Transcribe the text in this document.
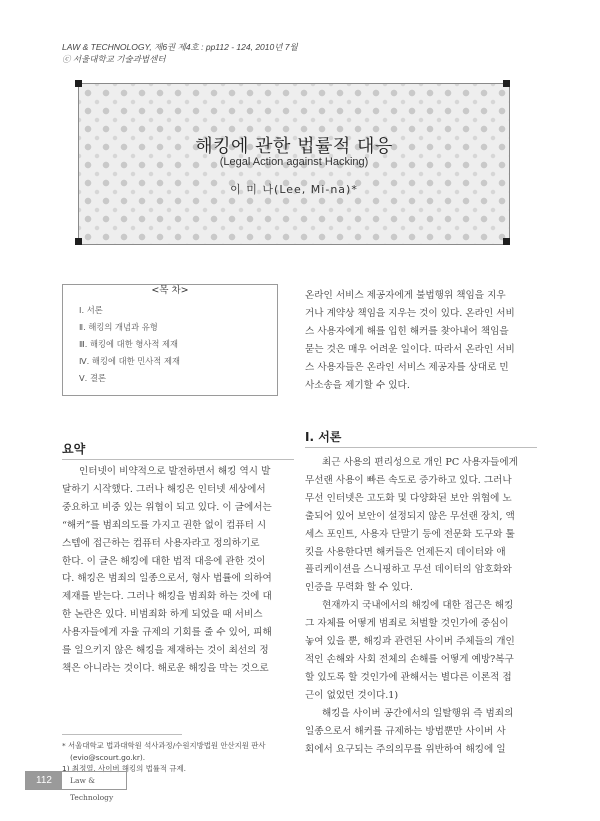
LAW & TECHNOLOGY, 제6권 제4호 : pp112 - 124, 2010년 7월
ⓒ 서울대학교 기술과법센터
해킹에 관한 법률적 대응
(Legal Action against Hacking)
이 미 나(Lee, Mi-na)*
<목 차>
Ⅰ. 서론
Ⅱ. 해킹의 개념과 유형
Ⅲ. 해킹에 대한 형사적 제재
Ⅳ. 해킹에 대한 민사적 제재
Ⅴ. 결론
요약
인터넷이 비약적으로 발전하면서 해킹 역시 발
달하기 시작했다. 그러나 해킹은 인터넷 세상에서
중요하고 비중 있는 위협이 되고 있다. 이 글에서는
“해커”를 범죄의도를 가지고 권한 없이 컴퓨터 시
스템에 접근하는 컴퓨터 사용자라고 정의하기로
한다. 이 글은 해킹에 대한 법적 대응에 관한 것이
다. 해킹은 범죄의 일종으로서, 형사 법률에 의하여
제재를 받는다. 그러나 해킹을 범죄화 하는 것에 대
한 논란은 있다. 비범죄화 하게 되었을 때 서비스
사용자들에게 자율 규제의 기회를 줄 수 있어, 피해
를 일으키지 않은 해킹을 제재하는 것이 최선의 정
책은 아니라는 것이다. 해로운 해킹을 막는 것으로
* 서울대학교 법과대학원 석사과정/수원지방법원 안산지원 판사
(evio@scourt.go.kr).
1) 최정열, 사이버 해킹의 법률적 규제.
온라인 서비스 제공자에게 불법행위 책임을 지우
거나 계약상 책임을 지우는 것이 있다. 온라인 서비
스 사용자에게 해를 입힌 해커를 찾아내어 책임을
묻는 것은 매우 어려운 일이다. 따라서 온라인 서비
스 사용자들은 온라인 서비스 제공자를 상대로 민
사소송을 제기할 수 있다.
Ⅰ. 서론
최근 사용의 편리성으로 개인 PC 사용자들에게
무선랜 사용이 빠른 속도로 증가하고 있다. 그러나
무선 인터넷은 고도화 및 다양화된 보안 위협에 노
출되어 있어 보안이 설정되지 않은 무선랜 장치, 액
세스 포인트, 사용자 단말기 등에 전문화 도구와 툴
킷을 사용한다면 해커들은 언제든지 데이터와 애
플리케이션을 스니핑하고 무선 데이터의 암호화와
인증을 무력화 할 수 있다.
현재까지 국내에서의 해킹에 대한 접근은 해킹
그 자체를 어떻게 범죄로 처벌할 것인가에 중심이
놓여 있을 뿐, 해킹과 관련된 사이버 주체들의 개인
적인 손해와 사회 전체의 손해를 어떻게 예방?복구
할 있도록 할 것인가에 관해서는 별다른 이론적 접
근이 없었던 것이다.1)
해킹을 사이버 공간에서의 일탈행위 즉 범죄의
일종으로서 해커를 규제하는 방법뿐만 사이버 사
회에서 요구되는 주의의무를 위반하여 해킹에 일
112	Law & Technology
